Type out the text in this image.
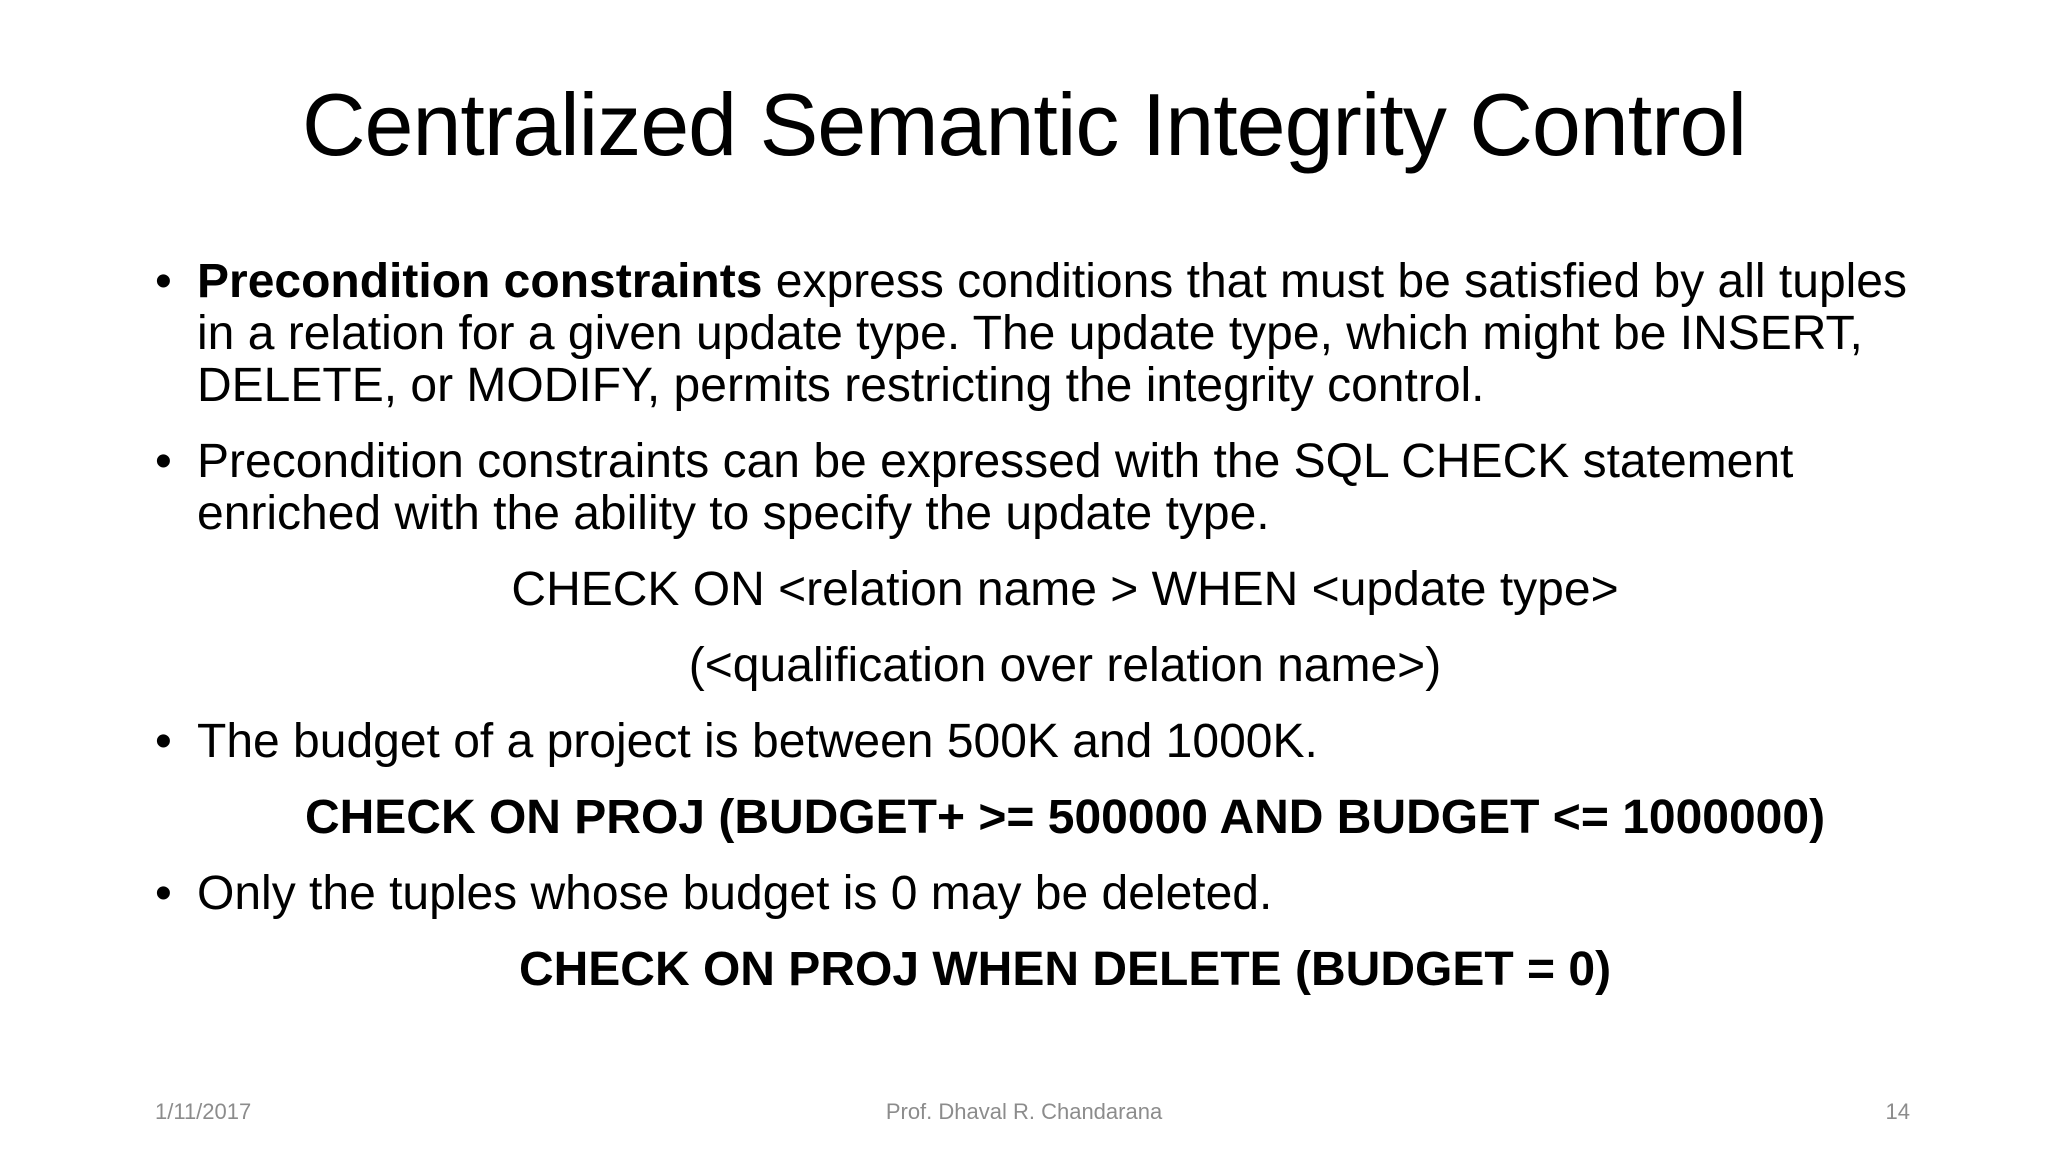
Centralized Semantic Integrity Control

• Precondition constraints express conditions that must be satisfied by all tuples in a relation for a given update type. The update type, which might be INSERT, DELETE, or MODIFY, permits restricting the integrity control.

• Precondition constraints can be expressed with the SQL CHECK statement enriched with the ability to specify the update type.

CHECK ON <relation name > WHEN <update type>

(<qualification over relation name>)

• The budget of a project is between 500K and 1000K.

CHECK ON PROJ (BUDGET+ >= 500000 AND BUDGET <= 1000000)

• Only the tuples whose budget is 0 may be deleted.

CHECK ON PROJ WHEN DELETE (BUDGET = 0)

1/11/2017	Prof. Dhaval R. Chandarana	14
